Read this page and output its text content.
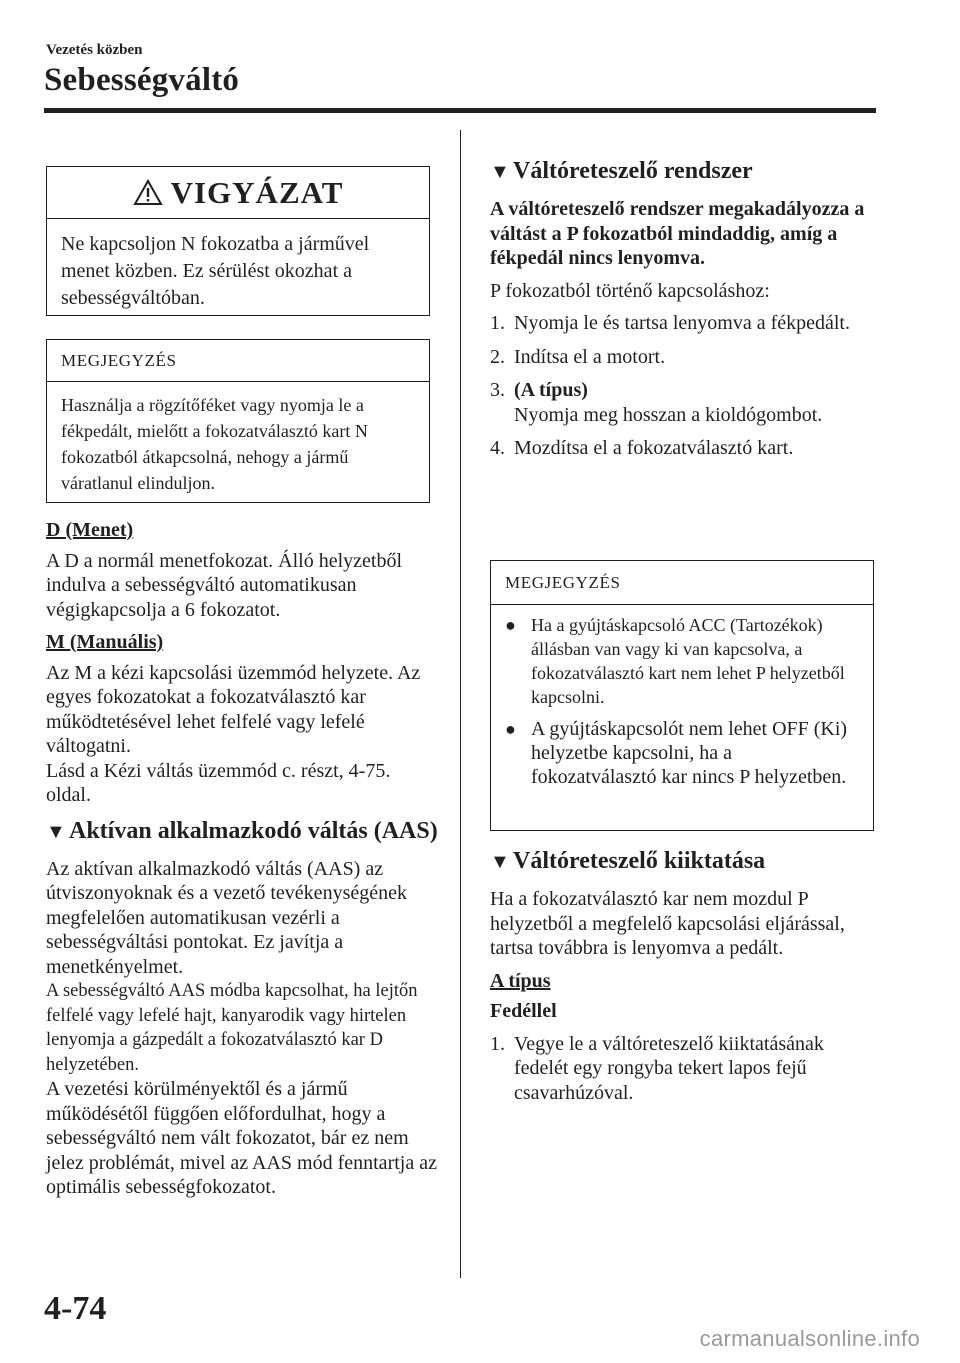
Vezetés közben
Sebességváltó
VIGYÁZAT
Ne kapcsoljon N fokozatba a járművel menet közben. Ez sérülést okozhat a sebességváltóban.
MEGJEGYZÉS
Használja a rögzítőféket vagy nyomja le a fékpedált, mielőtt a fokozatválasztó kart N fokozatból átkapcsolná, nehogy a jármű váratlanul elinduljon.
D (Menet)

A D a normál menetfokozat. Álló helyzetből indulva a sebességváltó automatikusan végigkapcsolja a 6 fokozatot.

M (Manuális)

Az M a kézi kapcsolási üzemmód helyzete. Az egyes fokozatokat a fokozatválasztó kar működtetésével lehet felfelé vagy lefelé váltogatni.

Lásd a Kézi váltás üzemmód c. részt, 4-75. oldal.

▼ Aktívan alkalmazkodó váltás (AAS)

Az aktívan alkalmazkodó váltás (AAS) az útviszonyoknak és a vezető tevékenységének megfelelően automatikusan vezérli a sebességváltási pontokat. Ez javítja a menetkényelmet.

A sebességváltó AAS módba kapcsolhat, ha lejtőn felfelé vagy lefelé hajt, kanyarodik vagy hirtelen lenyomja a gázpedált a fokozatválasztó kar D helyzetében.

A vezetési körülményektől és a jármű működésétől függően előfordulhat, hogy a sebességváltó nem vált fokozatot, bár ez nem jelez problémát, mivel az AAS mód fenntartja az optimális sebességfokozatot.

▼ Váltóreteszelő rendszer

A váltóreteszelő rendszer megakadályozza a váltást a P fokozatból mindaddig, amíg a fékpedál nincs lenyomva.

P fokozatból történő kapcsoláshoz:

1. Nyomja le és tartsa lenyomva a fékpedált.
2. Indítsa el a motort.
3. (A típus)
Nyomja meg hosszan a kioldógombot.
4. Mozdítsa el a fokozatválasztó kart.
MEGJEGYZÉS
● Ha a gyújtáskapcsoló ACC (Tartozékok) állásban van vagy ki van kapcsolva, a fokozatválasztó kart nem lehet P helyzetből kapcsolni.
● A gyújtáskapcsolót nem lehet OFF (Ki) helyzetbe kapcsolni, ha a fokozatválasztó kar nincs P helyzetben.
▼ Váltóreteszelő kiiktatása

Ha a fokozatválasztó kar nem mozdul P helyzetből a megfelelő kapcsolási eljárással, tartsa továbbra is lenyomva a pedált.

A típus

Fedéllel

1. Vegye le a váltóreteszelő kiiktatásának fedelét egy rongyba tekert lapos fejű csavarhúzóval.
4-74
carmanualsonline.info
